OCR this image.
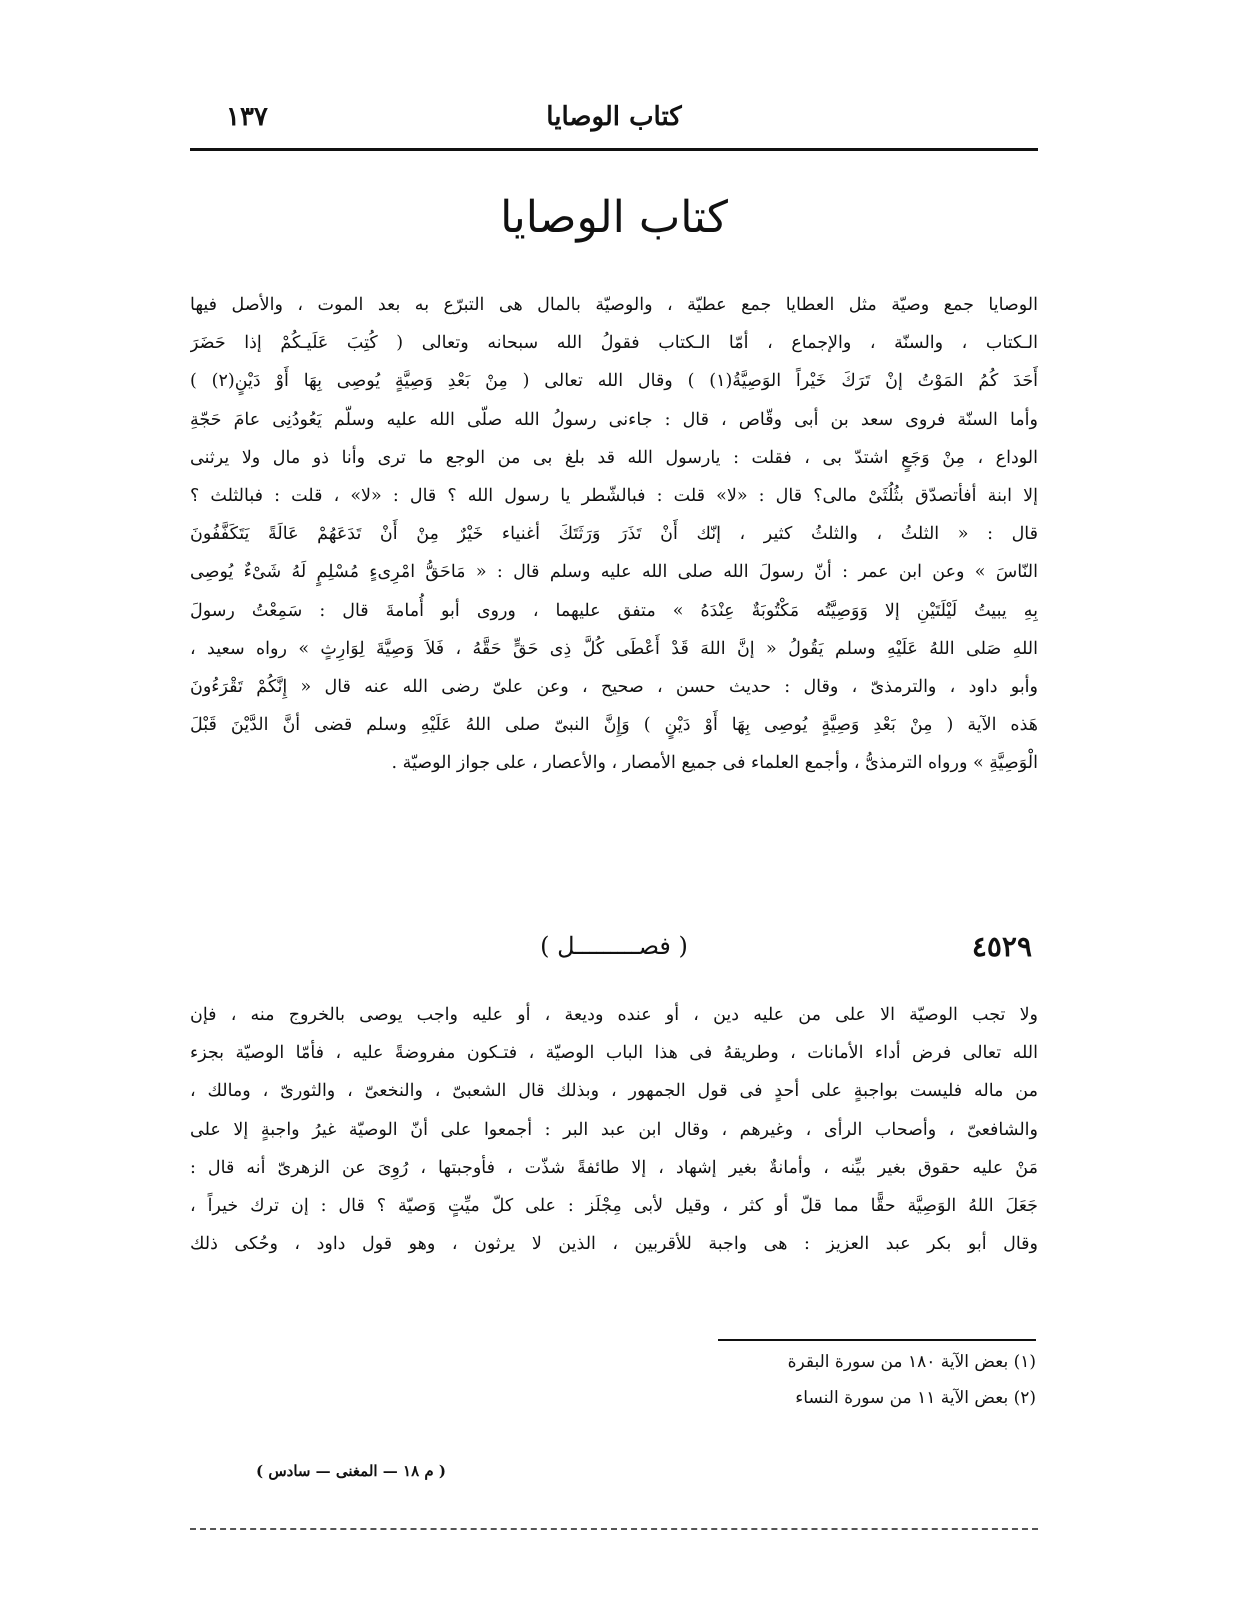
كتاب الوصايا
١٣٧
كتاب الوصايا
الوصايا جمع وصيّة مثل العطايا جمع عطيّة ، والوصيّة بالمال هى التبرّع به بعد الموت ، والأصل فيها
الـكتاب ، والسنّة ، والإجماع ، أمّا الـكتاب فقولُ الله سبحانه وتعالى ( كُتِبَ عَلَيـكُمْ إذا حَضَرَ
أَحَدَ كُمُ المَوْتُ إنْ تَرَكَ خَيْراً الوَصِيَّةُ(١) ) وقال الله تعالى ( مِنْ بَعْدِ وَصِيَّةٍ يُوصِى بِهَا أَوْ دَيْنٍ(٢) )
وأما السنّة فروى سعد بن أبى وقّاص ، قال : جاءنى رسولُ الله صلّى الله عليه وسلّم يَعُودُنِى عامَ حَجّةِ
الوداع ، مِنْ وَجَعٍ اشتدّ بى ، فقلت : يارسول الله قد بلغ بى من الوجع ما ترى وأنا ذو مال ولا يرثنى
إلا ابنة أفأتصدّق بثُلُثَىْ مالى؟ قال : «لا» قلت : فبالشّطر يا رسول الله ؟ قال : «لا» ، قلت : فبالثلث ؟
قال : « الثلثُ ، والثلثُ كثير ، إنّك أَنْ تَذَرَ وَرَثَتَكَ أغنياء خَيْرٌ مِنْ أَنْ تَدَعَهُمْ عَالَةً يَتَكَفَّفُونَ
النّاسَ » وعن ابن عمر : أنّ رسولَ الله صلى الله عليه وسلم قال : « مَاحَقُّ امْرِىءٍ مُسْلِمٍ لَهُ شَىْءٌ يُوصِى
بِهِ يبيتُ لَيْلَتَيْنِ إلا وَوَصِيَّتُه مَكْتُوبَةٌ عِنْدَهُ » متفق عليهما ، وروى أبو أُمامةَ قال : سَمِعْتُ رسولَ
اللهِ صَلى اللهُ عَلَيْهِ وسلم يَقُولُ « إنَّ اللهَ قَدْ أَعْطَى كُلَّ ذِى حَقٍّ حَقَّهُ ، فَلاَ وَصِيَّةَ لِوَارِثٍ » رواه سعيد ،
وأبو داود ، والترمذىّ ، وقال : حديث حسن ، صحيح ، وعن علىّ رضى الله عنه قال « إِنَّكُمْ تَقْرَءُونَ
هَذه الآية ( مِنْ بَعْدِ وَصِيَّةٍ يُوصِى بِهَا أَوْ دَيْنٍ ) وَإِنَّ النبىّ صلى اللهُ عَلَيْهِ وسلم قضى أنَّ الدَّيْنَ قَبْلَ
الْوَصِيَّةِ » ورواه الترمذىُّ ، وأجمع العلماء فى جميع الأمصار ، والأعصار ، على جواز الوصيّة .
٤٥٢٩
( فصـــــــــل )
ولا تجب الوصيّة الا على من عليه دين ، أو عنده وديعة ، أو عليه واجب يوصى بالخروج منه ، فإن
الله تعالى فرض أداء الأمانات ، وطريقهُ فى هذا الباب الوصيّة ، فتـكون مفروضةً عليه ، فأمّا الوصيّة بجزء
من ماله فليست بواجبةٍ على أحدٍ فى قول الجمهور ، وبذلك قال الشعبىّ ، والنخعىّ ، والثورىّ ، ومالك ،
والشافعىّ ، وأصحاب الرأى ، وغيرهم ، وقال ابن عبد البر : أجمعوا على أنّ الوصيّة غيرُ واجبةٍ إلا على
مَنْ عليه حقوق بغير بيِّنه ، وأمانةٌ بغير إشهاد ، إلا طائفةً شذّت ، فأوجبتها ، رُوِىَ عن الزهرىّ أنه قال :
جَعَلَ اللهُ الوَصِيَّة حقًّا مما قلّ أو كثر ، وقيل لأبى مِجْلَز : على كلّ ميِّتٍ وَصيّة ؟ قال : إن ترك خيراً ،
وقال أبو بكر عبد العزيز : هى واجبة للأقربين ، الذين لا يرثون ، وهو قول داود ، وحُكى ذلك
(١) بعض الآية ١٨٠ من سورة البقرة
(٢) بعض الآية ١١ من سورة النساء
( م ١٨ — المغنى — سادس )
